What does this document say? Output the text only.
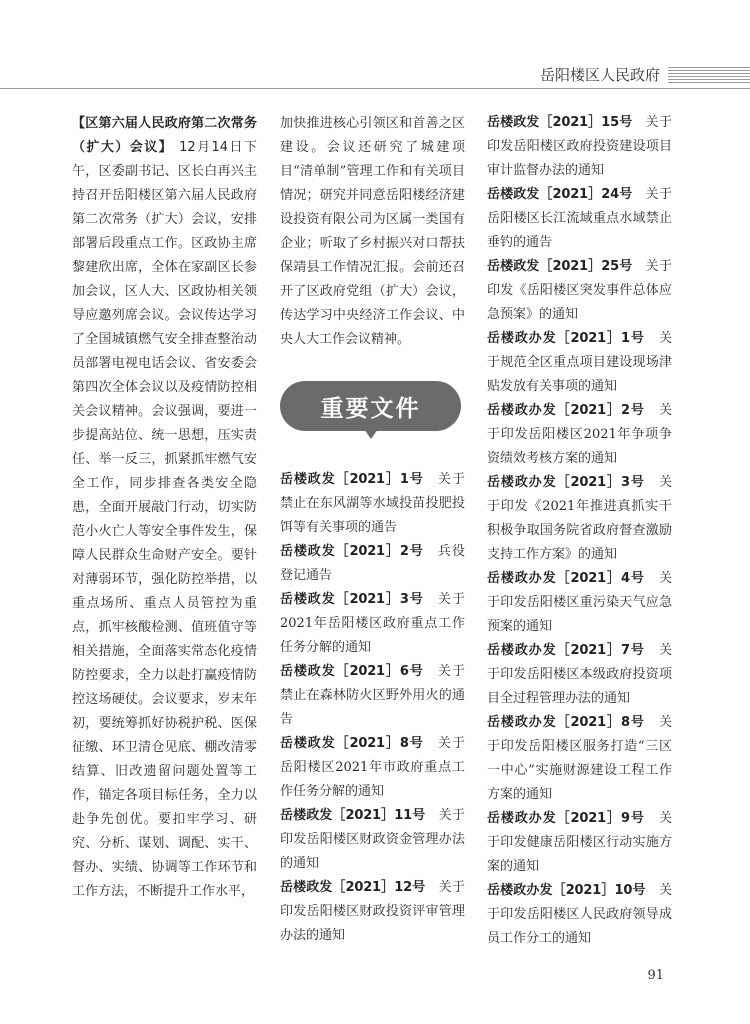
岳阳楼区人民政府
【区第六届人民政府第二次常务（扩大）会议】 12月14日下午，区委副书记、区长白再兴主持召开岳阳楼区第六届人民政府第二次常务（扩大）会议，安排部署后段重点工作。区政协主席黎建欣出席，全体在家副区长参加会议，区人大、区政协相关领导应邀列席会议。会议传达学习了全国城镇燃气安全排查整治动员部署电视电话会议、省安委会第四次全体会议以及疫情防控相关会议精神。会议强调，要进一步提高站位、统一思想，压实责任、举一反三，抓紧抓牢燃气安全工作，同步排查各类安全隐患，全面开展敲门行动，切实防范小火亡人等安全事件发生，保障人民群众生命财产安全。要针对薄弱环节，强化防控举措，以重点场所、重点人员管控为重点，抓牢核酸检测、值班值守等相关措施，全面落实常态化疫情防控要求，全力以赴打赢疫情防控这场硬仗。会议要求，岁末年初，要统筹抓好协税护税、医保征缴、环卫清仓见底、棚改清零结算、旧改遗留问题处置等工作，锚定各项目标任务，全力以赴争先创优。要扣牢学习、研究、分析、谋划、调配、实干、督办、实绩、协调等工作环节和工作方法，不断提升工作水平，
加快推进核心引领区和首善之区建设。会议还研究了城建项目“清单制”管理工作和有关项目情况；研究并同意岳阳楼经济建设投资有限公司为区属一类国有企业；听取了乡村振兴对口帮扶保靖县工作情况汇报。会前还召开了区政府党组（扩大）会议，传达学习中央经济工作会议、中央人大工作会议精神。
重要文件
岳楼政发［2021］1号  关于禁止在东风湖等水域投苗投肥投饵等有关事项的通告
岳楼政发［2021］2号  兵役登记通告
岳楼政发［2021］3号  关于2021年岳阳楼区政府重点工作任务分解的通知
岳楼政发［2021］6号  关于禁止在森林防火区野外用火的通告
岳楼政发［2021］8号  关于岳阳楼区2021年市政府重点工作任务分解的通知
岳楼政发［2021］11号  关于印发岳阳楼区财政资金管理办法的通知
岳楼政发［2021］12号  关于印发岳阳楼区财政投资评审管理办法的通知
岳楼政发［2021］15号  关于印发岳阳楼区政府投资建设项目审计监督办法的通知
岳楼政发［2021］24号  关于岳阳楼区长江流域重点水域禁止垂钓的通告
岳楼政发［2021］25号  关于印发《岳阳楼区突发事件总体应急预案》的通知
岳楼政办发［2021］1号  关于规范全区重点项目建设现场津贴发放有关事项的通知
岳楼政办发［2021］2号  关于印发岳阳楼区2021年争项争资绩效考核方案的通知
岳楼政办发［2021］3号  关于印发《2021年推进真抓实干积极争取国务院省政府督查激励支持工作方案》的通知
岳楼政办发［2021］4号  关于印发岳阳楼区重污染天气应急预案的通知
岳楼政办发［2021］7号  关于印发岳阳楼区本级政府投资项目全过程管理办法的通知
岳楼政办发［2021］8号  关于印发岳阳楼区服务打造“三区一中心”实施财源建设工程工作方案的通知
岳楼政办发［2021］9号  关于印发健康岳阳楼区行动实施方案的通知
岳楼政办发［2021］10号  关于印发岳阳楼区人民政府领导成员工作分工的通知
91
